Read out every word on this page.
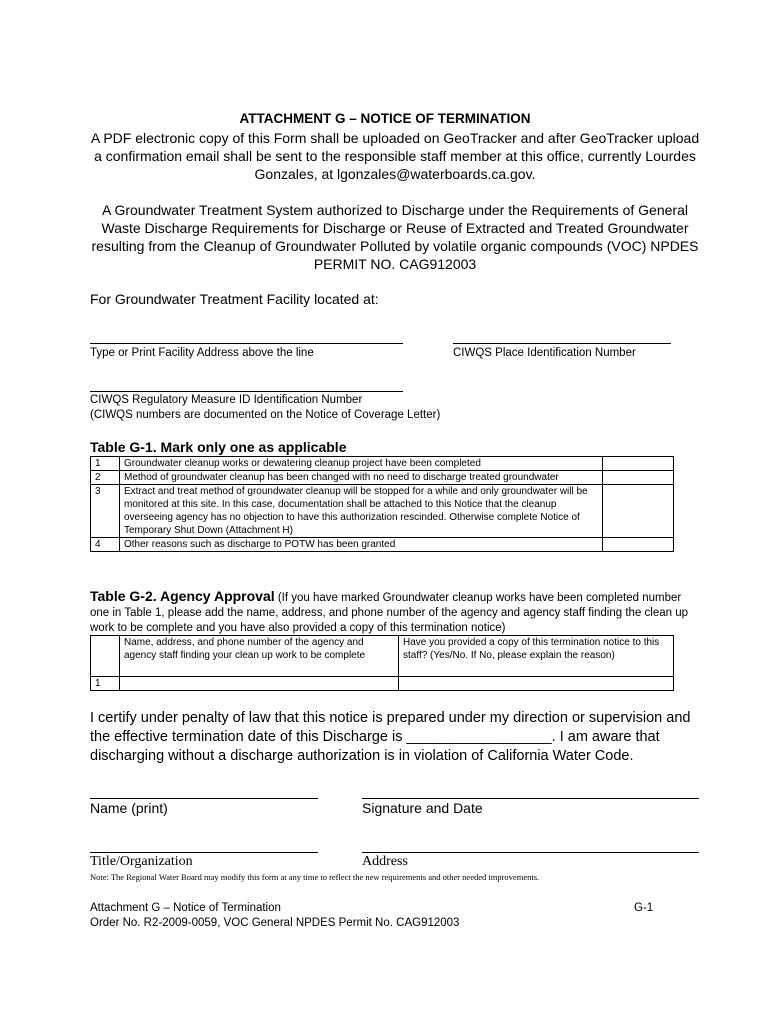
ATTACHMENT G – NOTICE OF TERMINATION
A PDF electronic copy of this Form shall be uploaded on GeoTracker and after GeoTracker upload a confirmation email shall be sent to the responsible staff member at this office, currently Lourdes Gonzales, at lgonzales@waterboards.ca.gov.
A Groundwater Treatment System authorized to Discharge under the Requirements of General Waste Discharge Requirements for Discharge or Reuse of Extracted and Treated Groundwater resulting from the Cleanup of Groundwater Polluted by volatile organic compounds (VOC) NPDES PERMIT NO. CAG912003
For Groundwater Treatment Facility located at:
Type or Print Facility Address above the line	CIWQS Place Identification Number
CIWQS Regulatory Measure ID Identification Number
(CIWQS numbers are documented on the Notice of Coverage Letter)
Table G-1. Mark only one as applicable
1	Groundwater cleanup works or dewatering cleanup project have been completed	
2	Method of groundwater cleanup has been changed with no need to discharge treated groundwater	
3	Extract and treat method of groundwater cleanup will be stopped for a while and only groundwater will be monitored at this site. In this case, documentation shall be attached to this Notice that the cleanup overseeing agency has no objection to have this authorization rescinded. Otherwise complete Notice of Temporary Shut Down (Attachment H)	
4	Other reasons such as discharge to POTW has been granted	
Table G-2. Agency Approval (If you have marked Groundwater cleanup works have been completed number one in Table 1, please add the name, address, and phone number of the agency and agency staff finding the clean up work to be complete and you have also provided a copy of this termination notice)
	Name, address, and phone number of the agency and agency staff finding your clean up work to be complete	Have you provided a copy of this termination notice to this staff? (Yes/No. If No, please explain the reason)
1		
I certify under penalty of law that this notice is prepared under my direction or supervision and the effective termination date of this Discharge is __________________. I am aware that discharging without a discharge authorization is in violation of California Water Code.
Name (print)	Signature and Date
Title/Organization	Address
Note: The Regional Water Board may modify this form at any time to reflect the new requirements and other needed improvements.
Attachment G – Notice of Termination
Order No. R2-2009-0059, VOC General NPDES Permit No. CAG912003
G-1
